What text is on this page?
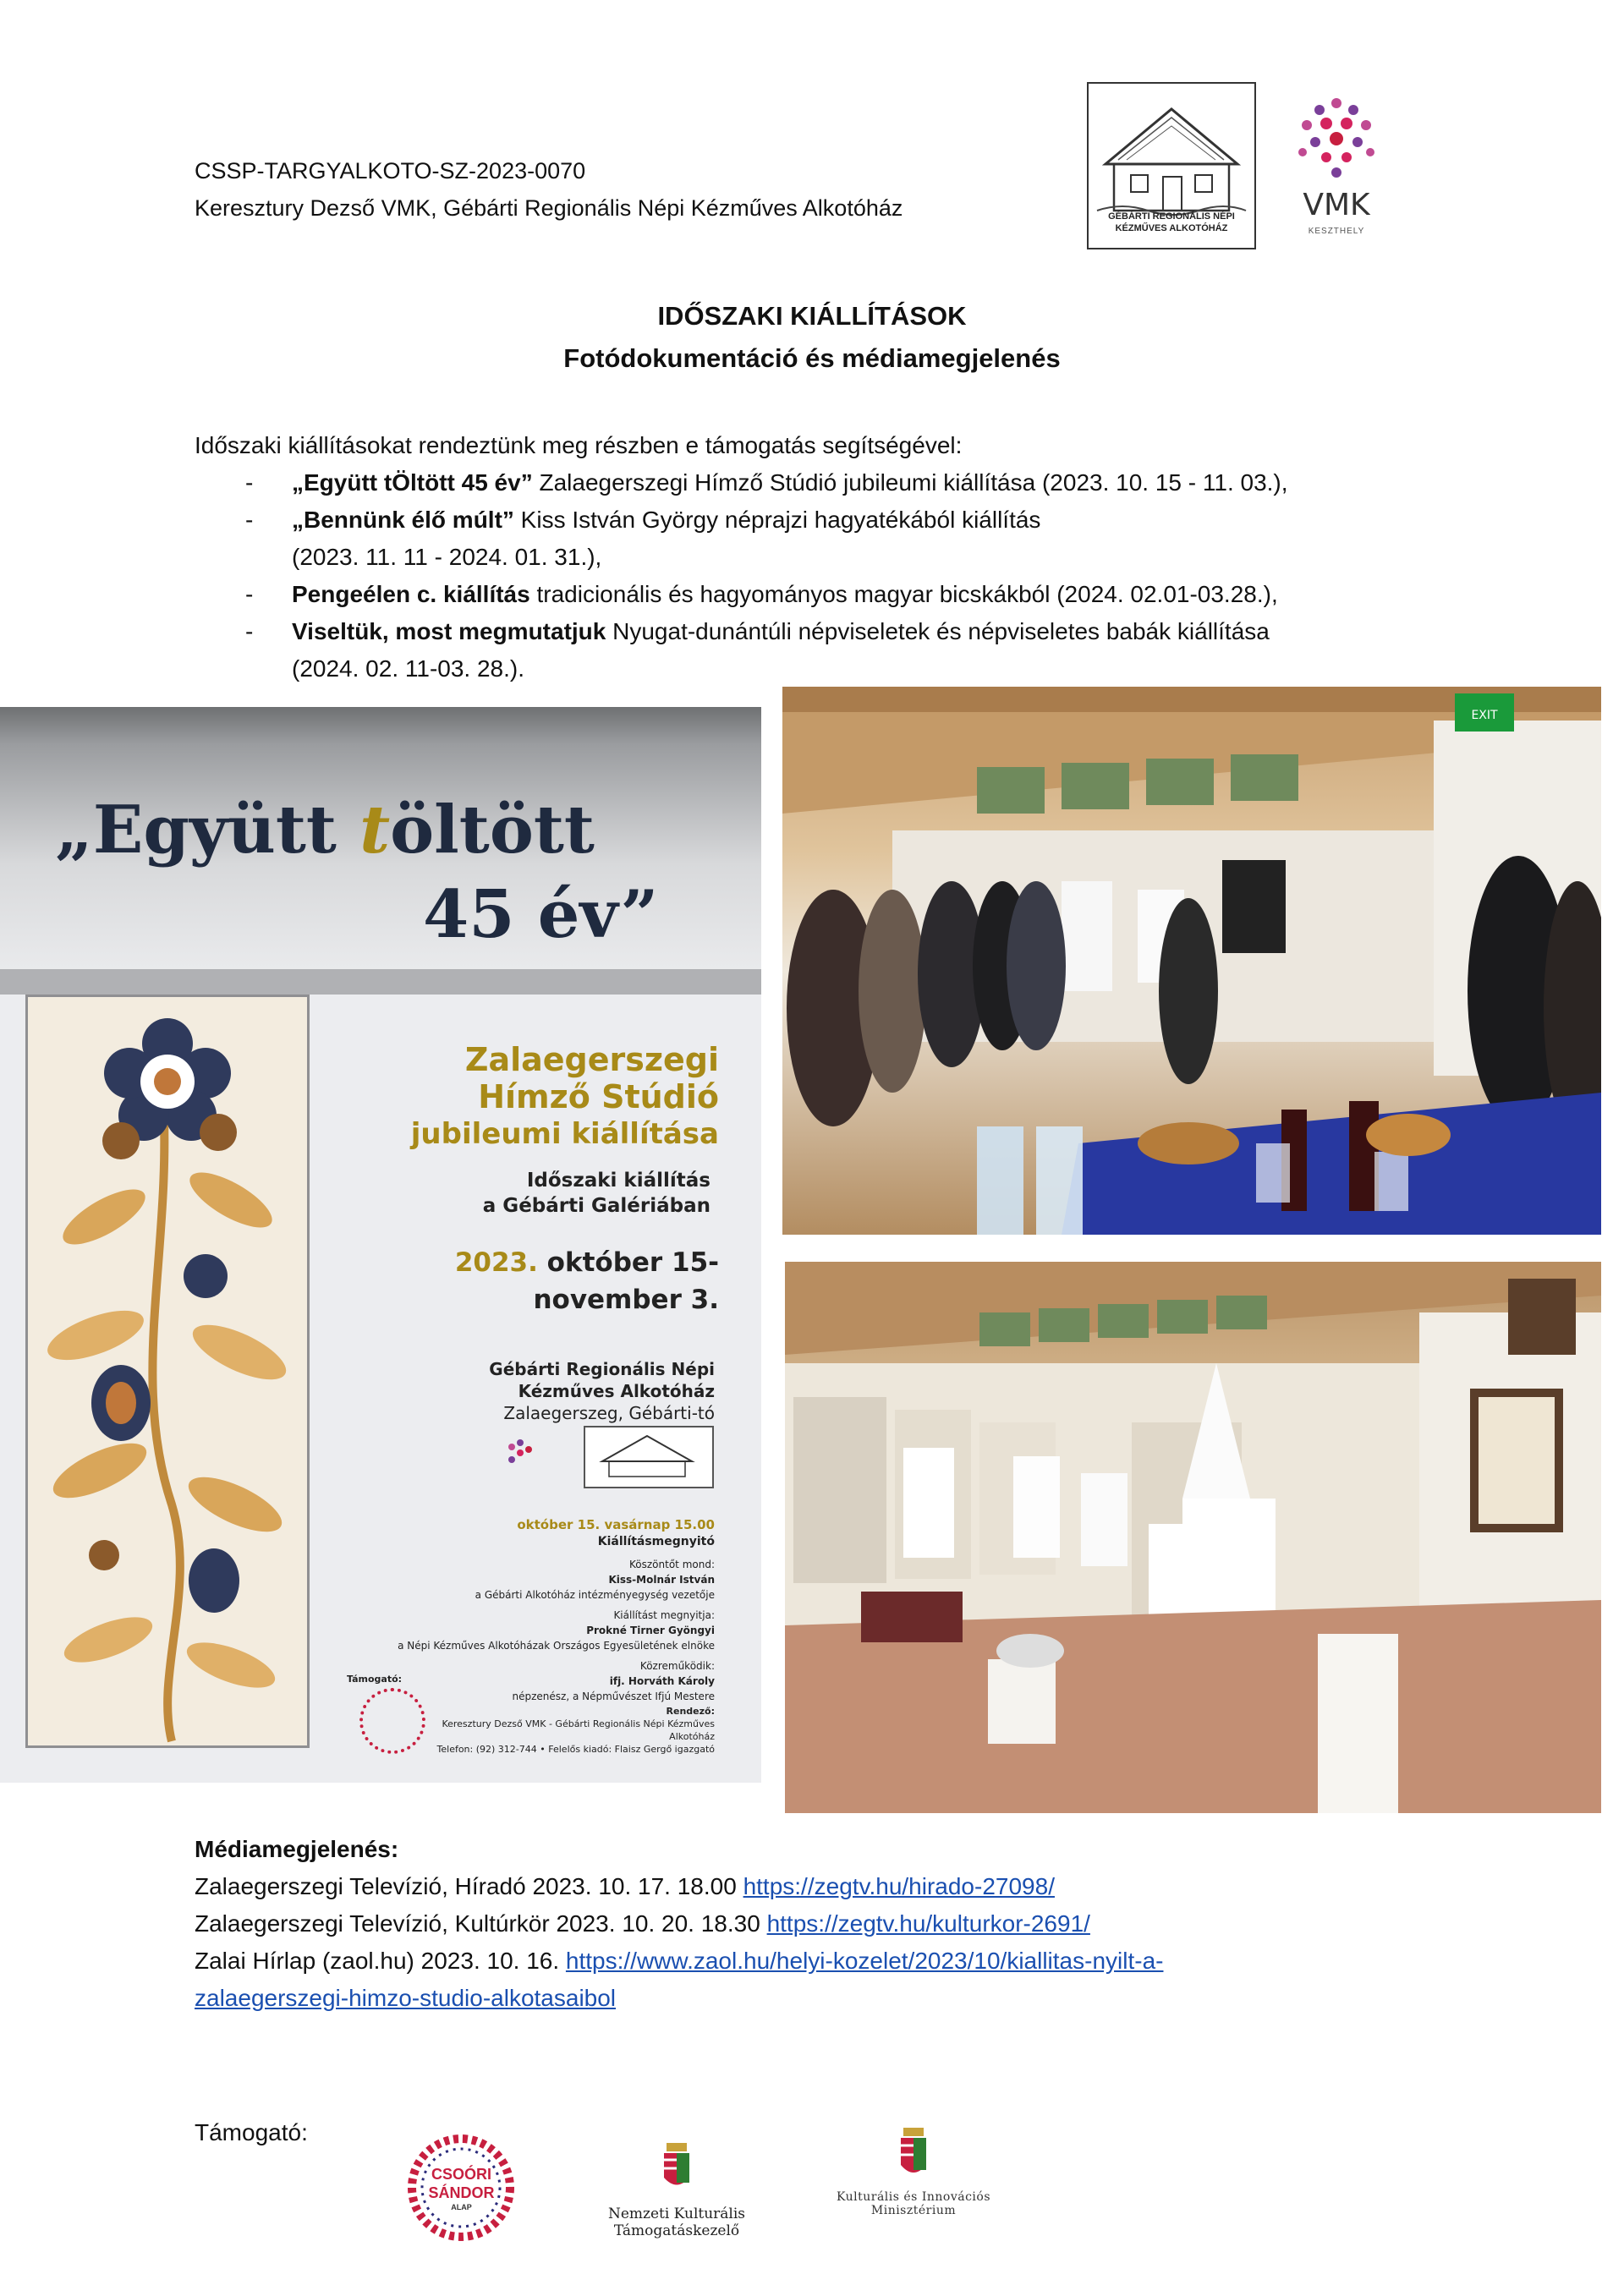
CSSP-TARGYALKOTO-SZ-2023-0070
Keresztury Dezső VMK, Gébárti Regionális Népi Kézműves Alkotóház	GÉBÁRTI REGIONÁLIS NÉPI
KÉZMŰVES ALKOTÓHÁZ
VMK
KESZTHELY
IDŐSZAKI KIÁLLÍTÁSOK
Fotódokumentáció és médiamegjelenés
Időszaki kiállításokat rendeztünk meg részben e támogatás segítségével:
- „Együtt tÖltött 45 év” Zalaegerszegi Hímző Stúdió jubileumi kiállítása (2023. 10. 15 - 11. 03.),
- „Bennünk élő múlt” Kiss István György néprajzi hagyatékából kiállítás
(2023. 11. 11 - 2024. 01. 31.),
- Pengeélen c. kiállítás tradicionális és hagyományos magyar bicskákból (2024. 02.01-03.28.),
- Viseltük, most megmutatjuk Nyugat-dunántúli népviseletek és népviseletes babák kiállítása
(2024. 02. 11-03. 28.).
„Együtt töltött
45 év”
Zalaegerszegi
Hímző Stúdió
jubileumi kiállítása
Időszaki kiállítás
a Gébárti Galériában
2023. október 15-
november 3.
Gébárti Regionális Népi
Kézműves Alkotóház
Zalaegerszeg, Gébárti-tó
október 15. vasárnap 15.00
Kiállításmegnyitó
Köszöntőt mond:
Kiss-Molnár István
a Gébárti Alkotóház intézményegység vezetője
Kiállítást megnyitja:
Prokné Tirner Gyöngyi
a Népi Kézműves Alkotóházak Országos Egyesületének elnöke
Közreműködik:
ifj. Horváth Károly
népzenész, a Népművészet Ifjú Mestere
Támogató:
Rendező:
Keresztury Dezső VMK - Gébárti Regionális Népi Kézműves Alkotóház
Telefon: (92) 312-744 • Felelős kiadó: Flaisz Gergő igazgató
EXIT
Médiamegjelenés:
Zalaegerszegi Televízió, Híradó 2023. 10. 17. 18.00 https://zegtv.hu/hirado-27098/
Zalaegerszegi Televízió, Kultúrkör 2023. 10. 20. 18.30 https://zegtv.hu/kulturkor-2691/
Zalai Hírlap (zaol.hu) 2023. 10. 16. https://www.zaol.hu/helyi-kozelet/2023/10/kiallitas-nyilt-a-
zalaegerszegi-himzo-studio-alkotasaibol
Támogató:
CSOÓRI
SÁNDOR
ALAP	Nemzeti Kulturális
Támogatáskezelő
Kulturális és Innovációs
Minisztérium
